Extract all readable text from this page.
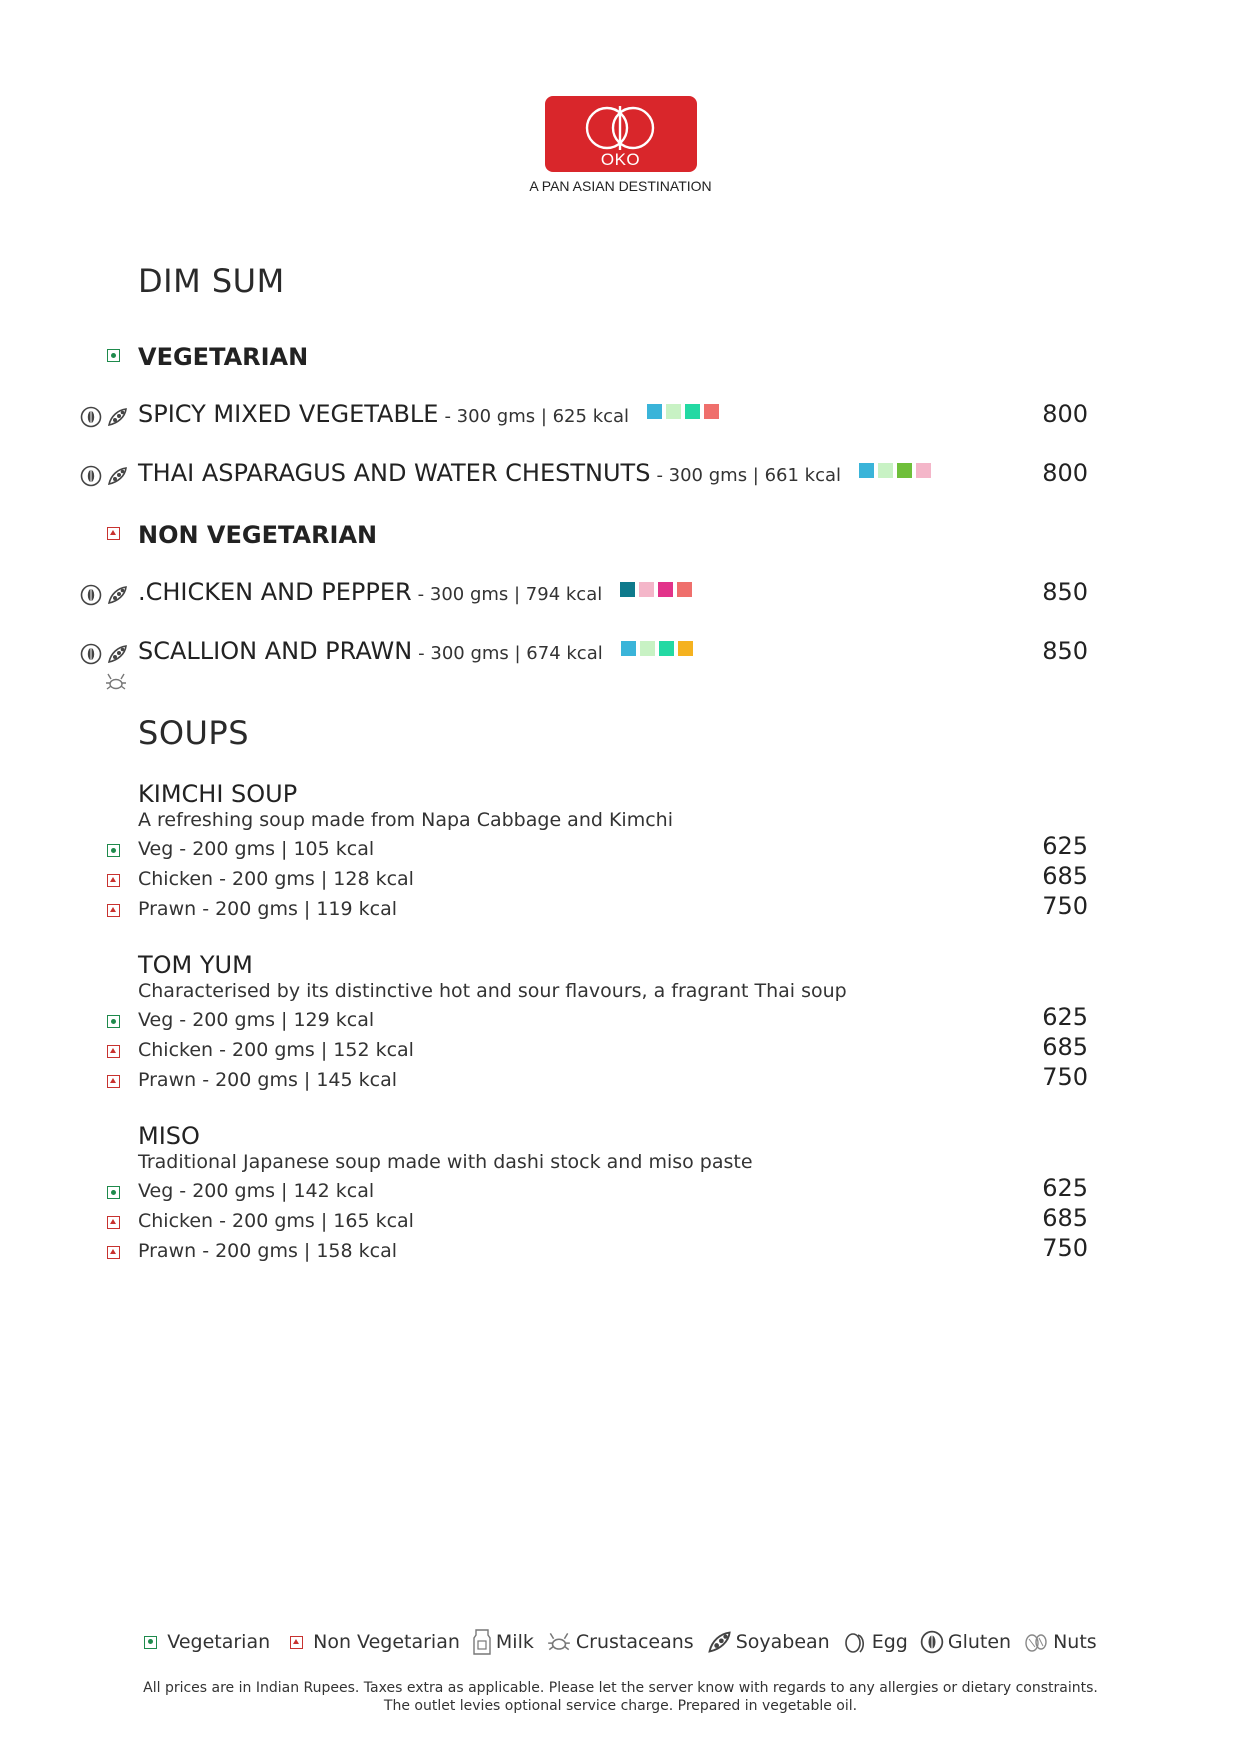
OKO
A PAN ASIAN DESTINATION
DIM SUM
VEGETARIAN
SPICY MIXED VEGETABLE - 300 gms | 625 kcal	800
THAI ASPARAGUS AND WATER CHESTNUTS - 300 gms | 661 kcal	800
NON VEGETARIAN
.CHICKEN AND PEPPER - 300 gms | 794 kcal	850
SCALLION AND PRAWN - 300 gms | 674 kcal	850
SOUPS
KIMCHI SOUP
A refreshing soup made from Napa Cabbage and Kimchi
Veg - 200 gms | 105 kcal	625
Chicken - 200 gms | 128 kcal	685
Prawn - 200 gms | 119 kcal	750
TOM YUM
Characterised by its distinctive hot and sour flavours, a fragrant Thai soup
Veg - 200 gms | 129 kcal	625
Chicken - 200 gms | 152 kcal	685
Prawn - 200 gms | 145 kcal	750
MISO
Traditional Japanese soup made with dashi stock and miso paste
Veg - 200 gms | 142 kcal	625
Chicken - 200 gms | 165 kcal	685
Prawn - 200 gms | 158 kcal	750
Vegetarian Non Vegetarian Milk Crustaceans Soyabean Egg Gluten Nuts
All prices are in Indian Rupees. Taxes extra as applicable. Please let the server know with regards to any allergies or dietary constraints.
The outlet levies optional service charge. Prepared in vegetable oil.
